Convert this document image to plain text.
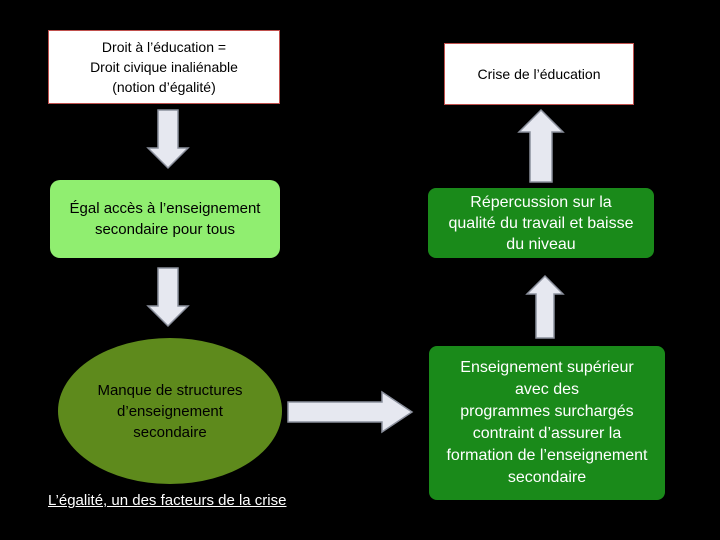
Droit à l’éducation =
Droit civique inaliénable
(notion d’égalité)
Crise de l’éducation
Égal accès à l’enseignement
secondaire pour tous
Répercussion sur la
qualité du travail et baisse
du niveau
Manque de structures
d’enseignement
secondaire
Enseignement supérieur
avec des
programmes surchargés
contraint d’assurer la
formation de l’enseignement
secondaire
L’égalité, un des facteurs de la crise
